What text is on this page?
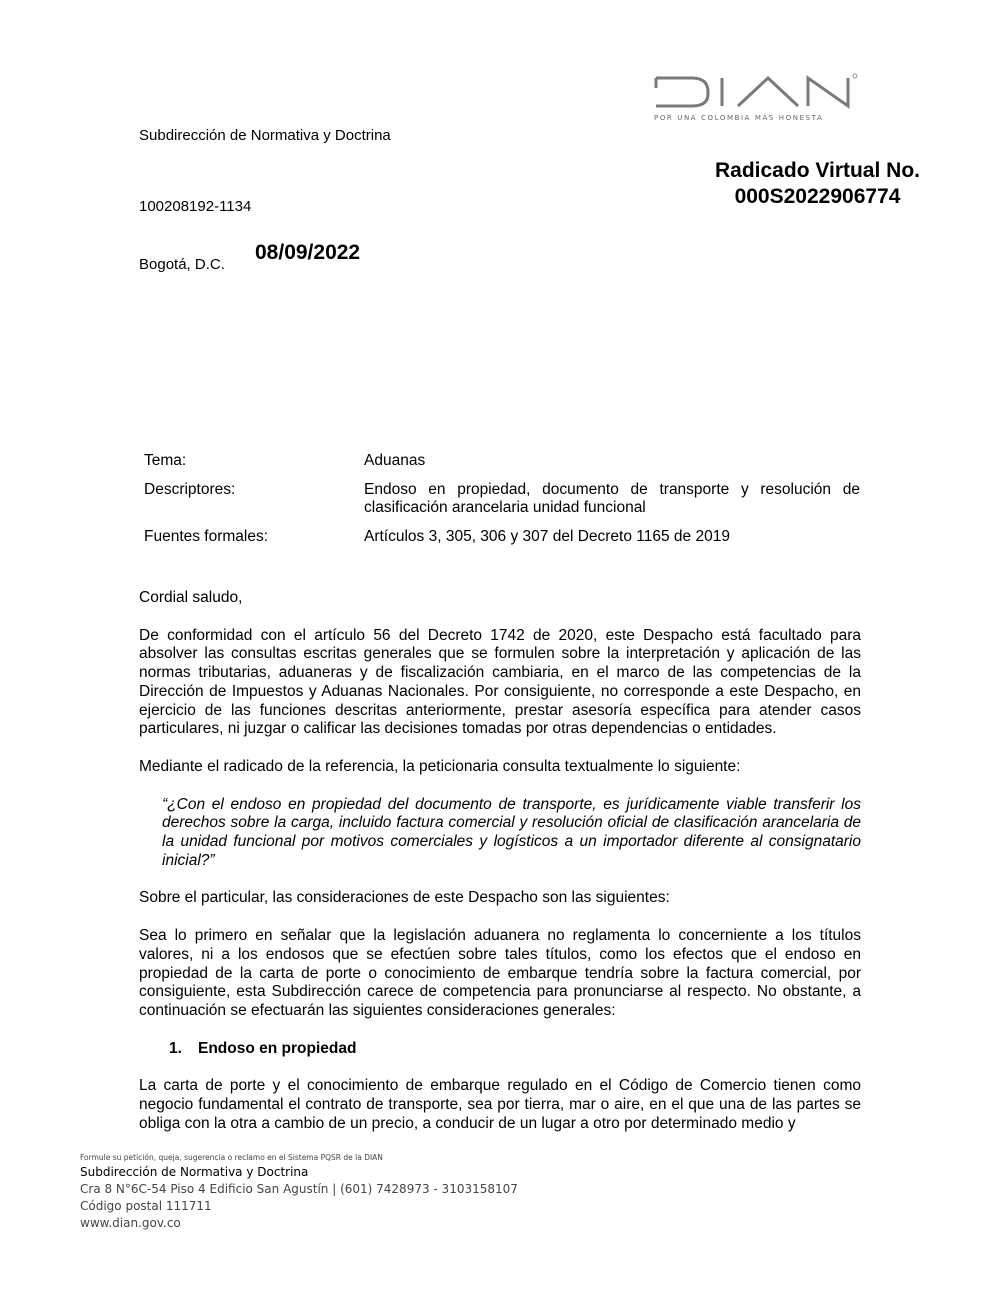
POR UNA COLOMBIA MÁS HONESTA
Subdirección de Normativa y Doctrina
Radicado Virtual No.
000S2022906774
100208192-1134
Bogotá, D.C.
08/09/2022
Tema:	Aduanas
Descriptores:	Endoso en propiedad, documento de transporte y resolución de clasificación arancelaria unidad funcional
Fuentes formales:	Artículos 3, 305, 306 y 307 del Decreto 1165 de 2019

Cordial saludo,

De conformidad con el artículo 56 del Decreto 1742 de 2020, este Despacho está facultado para absolver las consultas escritas generales que se formulen sobre la interpretación y aplicación de las normas tributarias, aduaneras y de fiscalización cambiaria, en el marco de las competencias de la Dirección de Impuestos y Aduanas Nacionales. Por consiguiente, no corresponde a este Despacho, en ejercicio de las funciones descritas anteriormente, prestar asesoría específica para atender casos particulares, ni juzgar o calificar las decisiones tomadas por otras dependencias o entidades.

Mediante el radicado de la referencia, la peticionaria consulta textualmente lo siguiente:

“¿Con el endoso en propiedad del documento de transporte, es jurídicamente viable transferir los derechos sobre la carga, incluido factura comercial y resolución oficial de clasificación arancelaria de la unidad funcional por motivos comerciales y logísticos a un importador diferente al consignatario inicial?”

Sobre el particular, las consideraciones de este Despacho son las siguientes:

Sea lo primero en señalar que la legislación aduanera no reglamenta lo concerniente a los títulos valores, ni a los endosos que se efectúen sobre tales títulos, como los efectos que el endoso en propiedad de la carta de porte o conocimiento de embarque tendría sobre la factura comercial, por consiguiente, esta Subdirección carece de competencia para pronunciarse al respecto. No obstante, a continuación se efectuarán las siguientes consideraciones generales:

1. Endoso en propiedad

La carta de porte y el conocimiento de embarque regulado en el Código de Comercio tienen como negocio fundamental el contrato de transporte, sea por tierra, mar o aire, en el que una de las partes se obliga con la otra a cambio de un precio, a conducir de un lugar a otro por determinado medio y

Formule su petición, queja, sugerencia o reclamo en el Sistema PQSR de la DIAN
Subdirección de Normativa y Doctrina
Cra 8 N°6C-54 Piso 4 Edificio San Agustín | (601) 7428973 - 3103158107
Código postal 111711
www.dian.gov.co
